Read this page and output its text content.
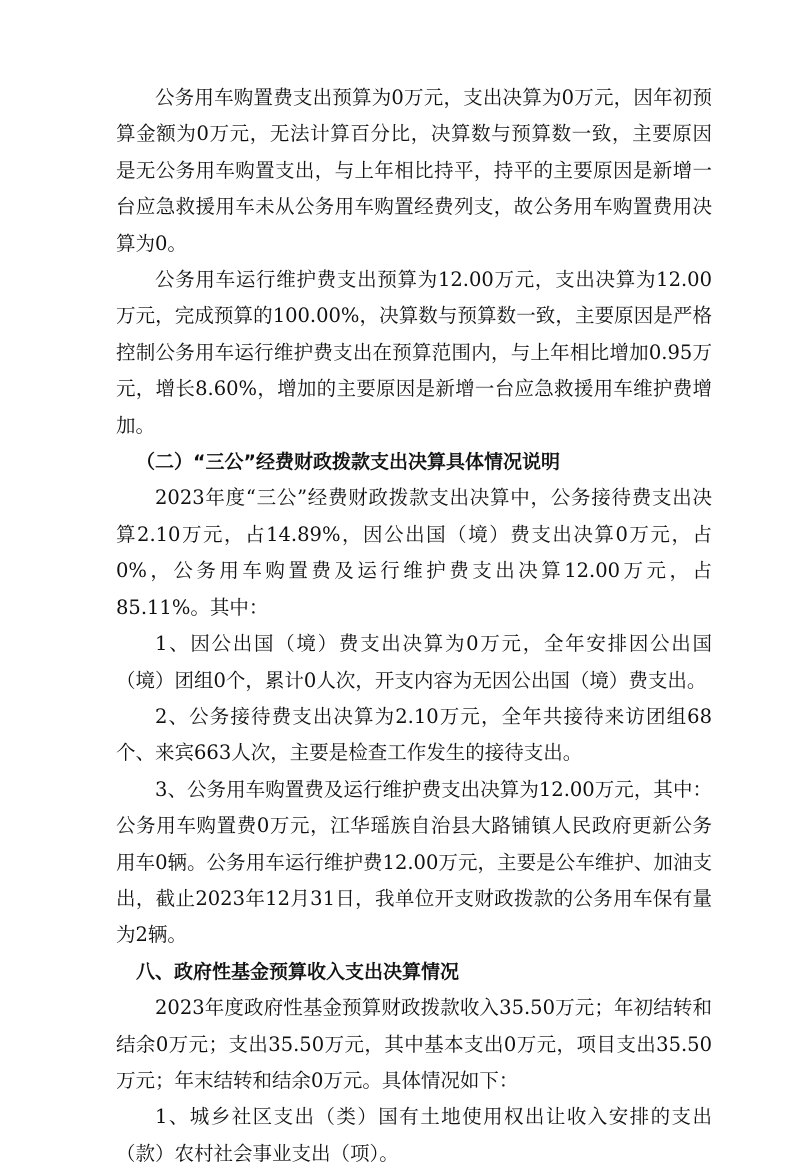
公务用车购置费支出预算为0万元，支出决算为0万元，因年初预算金额为0万元，无法计算百分比，决算数与预算数一致，主要原因是无公务用车购置支出，与上年相比持平，持平的主要原因是新增一台应急救援用车未从公务用车购置经费列支，故公务用车购置费用决算为0。

公务用车运行维护费支出预算为12.00万元，支出决算为12.00万元，完成预算的100.00%，决算数与预算数一致，主要原因是严格控制公务用车运行维护费支出在预算范围内，与上年相比增加0.95万元，增长8.60%，增加的主要原因是新增一台应急救援用车维护费增加。

（二）“三公”经费财政拨款支出决算具体情况说明

2023年度“三公”经费财政拨款支出决算中，公务接待费支出决算2.10万元，占14.89%，因公出国（境）费支出决算0万元，占0%，公务用车购置费及运行维护费支出决算12.00万元，占85.11%。其中：

1、因公出国（境）费支出决算为0万元，全年安排因公出国（境）团组0个，累计0人次，开支内容为无因公出国（境）费支出。

2、公务接待费支出决算为2.10万元，全年共接待来访团组68个、来宾663人次，主要是检查工作发生的接待支出。

3、公务用车购置费及运行维护费支出决算为12.00万元，其中：公务用车购置费0万元，江华瑶族自治县大路铺镇人民政府更新公务用车0辆。公务用车运行维护费12.00万元，主要是公车维护、加油支出，截止2023年12月31日，我单位开支财政拨款的公务用车保有量为2辆。

八、政府性基金预算收入支出决算情况

2023年度政府性基金预算财政拨款收入35.50万元；年初结转和结余0万元；支出35.50万元，其中基本支出0万元，项目支出35.50万元；年末结转和结余0万元。具体情况如下：

1、城乡社区支出（类）国有土地使用权出让收入安排的支出（款）农村社会事业支出（项）。
